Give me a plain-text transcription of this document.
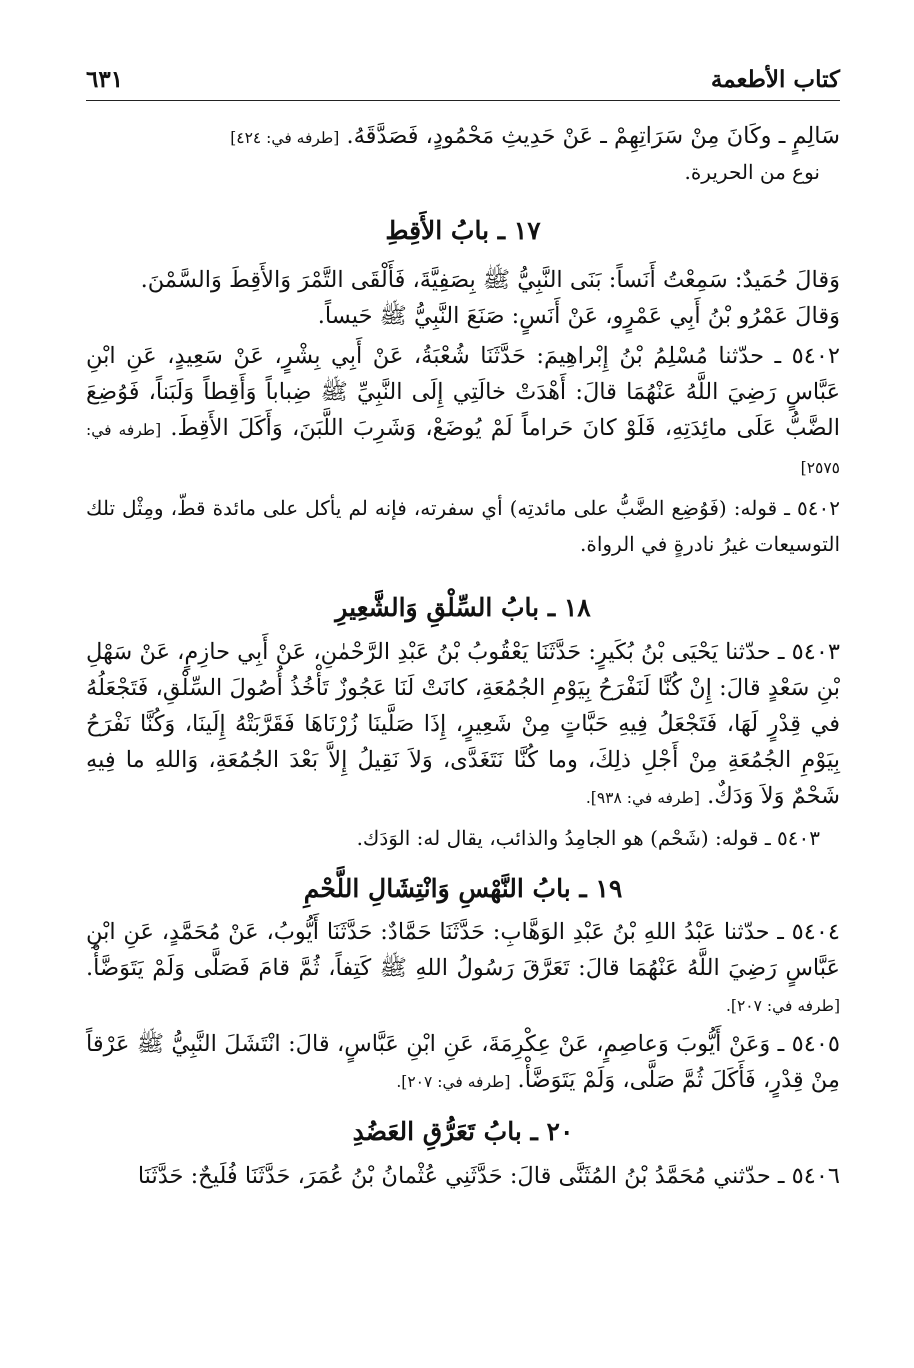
كتاب الأطعمة
٦٣١

سَالِمٍ ـ وكَانَ مِنْ سَرَاتِهِمْ ـ عَنْ حَدِيثِ مَحْمُودٍ، فَصَدَّقَهُ. [طرفه في: ٤٢٤]

نوع من الحريرة.

١٧ ـ بابُ الأَقِطِ

وَقالَ حُمَيدٌ: سَمِعْتُ أَنَساً: بَنَى النَّبِيُّ ﷺ بِصَفِيَّةَ، فَأَلْقَى التَّمْرَ وَالأَقِطَ وَالسَّمْنَ.

وَقالَ عَمْرُو بْنُ أَبِي عَمْرٍو، عَنْ أَنَسٍ: صَنَعَ النَّبِيُّ ﷺ حَيساً.

٥٤٠٢ ـ حدّثنا مُسْلِمُ بْنُ إِبْراهِيمَ: حَدَّثَنَا شُعْبَةُ، عَنْ أَبِي بِشْرٍ، عَنْ سَعِيدٍ، عَنِ ابْنِ عَبَّاسٍ رَضِيَ اللَّهُ عَنْهُمَا قالَ: أَهْدَتْ خالَتِي إِلَى النَّبِيِّ ﷺ ضِباباً وَأَقِطاً وَلَبَناً، فَوُضِعَ الضَّبُّ عَلَى مائِدَتِهِ، فَلَوْ كانَ حَراماً لَمْ يُوضَعْ، وَشَرِبَ اللَّبَنَ، وَأَكَلَ الأَقِطَ. [طرفه في: ٢٥٧٥]

٥٤٠٢ ـ قوله: (فَوُضِع الضَّبُّ على مائدتِه) أي سفرته، فإنه لم يأكل على مائدة قطّ، ومِثْل تلك التوسيعات غيرُ نادرةٍ في الرواة.

١٨ ـ بابُ السِّلْقِ وَالشَّعِيرِ

٥٤٠٣ ـ حدّثنا يَحْيَى بْنُ بُكَيرٍ: حَدَّثَنَا يَعْقُوبُ بْنُ عَبْدِ الرَّحْمٰنِ، عَنْ أَبِي حازِمٍ، عَنْ سَهْلِ بْنِ سَعْدٍ قالَ: إِنْ كُنَّا لَنَفْرَحُ بِيَوْمِ الجُمُعَةِ، كانَتْ لَنَا عَجُوزٌ تَأْخُذُ أُصُولَ السِّلْقِ، فَتَجْعَلُهُ في قِدْرٍ لَهَا، فَتَجْعَلُ فِيهِ حَبَّاتٍ مِنْ شَعِيرٍ، إِذَا صَلَّينَا زُرْنَاهَا فَقَرَّبَتْهُ إِلَينَا، وَكُنَّا نَفْرَحُ بِيَوْمِ الجُمُعَةِ مِنْ أَجْلِ ذلِكَ، وما كُنَّا نَتَغَدَّى، وَلاَ نَقِيلُ إِلاَّ بَعْدَ الجُمُعَةِ، وَاللهِ ما فِيهِ شَحْمٌ وَلاَ وَدَكٌ. [طرفه في: ٩٣٨].

٥٤٠٣ ـ قوله: (شَحْم) هو الجامِدُ والذائب، يقال له: الوَدَك.

١٩ ـ بابُ النَّهْسِ وَانْتِشَالِ اللَّحْمِ

٥٤٠٤ ـ حدّثنا عَبْدُ اللهِ بْنُ عَبْدِ الوَهَّابِ: حَدَّثَنَا حَمَّادٌ: حَدَّثَنَا أَيُّوبُ، عَنْ مُحَمَّدٍ، عَنِ ابْنِ عَبَّاسٍ رَضِيَ اللَّهُ عَنْهُمَا قالَ: تَعَرَّقَ رَسُولُ اللهِ ﷺ كَتِفاً، ثُمَّ قامَ فَصَلَّى وَلَمْ يَتَوَضَّأْ. [طرفه في: ٢٠٧].

٥٤٠٥ ـ وَعَنْ أَيُّوبَ وَعاصِمٍ، عَنْ عِكْرِمَةَ، عَنِ ابْنِ عَبَّاسٍ، قالَ: انْتَشَلَ النَّبِيُّ ﷺ عَرْقاً مِنْ قِدْرٍ، فَأَكَلَ ثُمَّ صَلَّى، وَلَمْ يَتَوَضَّأْ. [طرفه في: ٢٠٧].

٢٠ ـ بابُ تَعَرُّقِ العَضُدِ

٥٤٠٦ ـ حدّثني مُحَمَّدُ بْنُ المُثَنَّى قالَ: حَدَّثَنِي عُثْمانُ بْنُ عُمَرَ، حَدَّثَنَا فُلَيحٌ: حَدَّثَنَا
